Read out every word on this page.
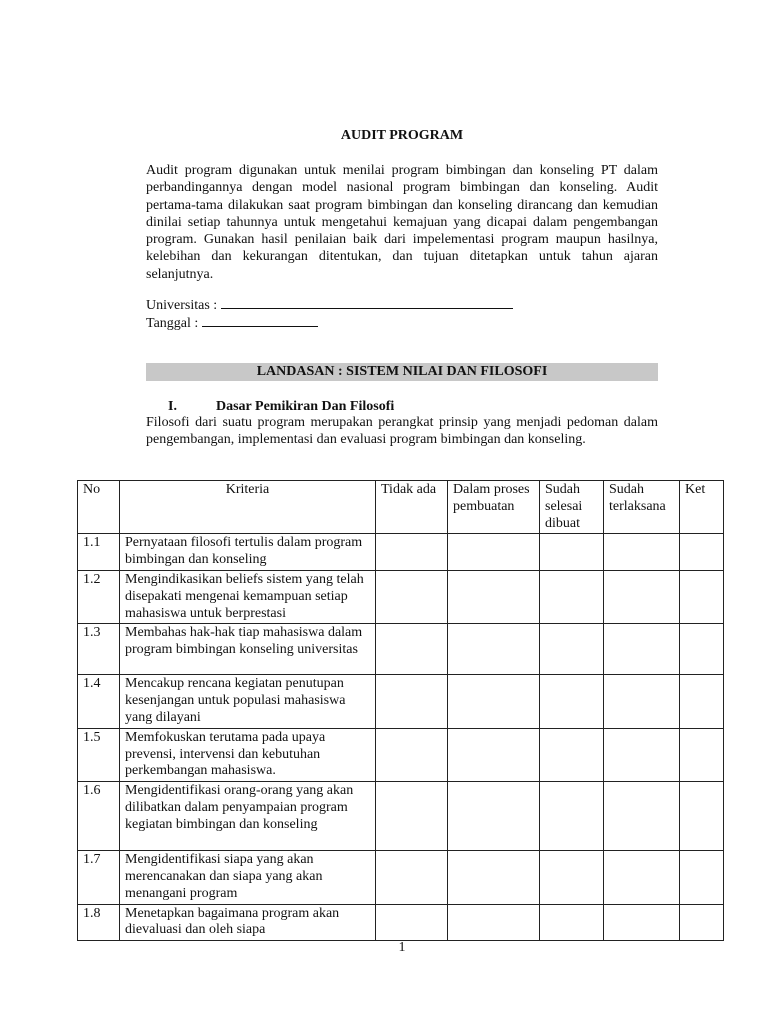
AUDIT PROGRAM

Audit program digunakan untuk menilai program bimbingan dan konseling PT dalam perbandingannya dengan model nasional program bimbingan dan konseling. Audit pertama-tama dilakukan saat program bimbingan dan konseling dirancang dan kemudian dinilai setiap tahunnya untuk mengetahui kemajuan yang dicapai dalam pengembangan program. Gunakan hasil penilaian baik dari impelementasi program maupun hasilnya, kelebihan dan kekurangan ditentukan, dan tujuan ditetapkan untuk tahun ajaran selanjutnya.

Universitas :
Tanggal :
LANDASAN : SISTEM NILAI DAN FILOSOFI
I.	Dasar Pemikiran Dan Filosofi

Filosofi dari suatu program merupakan perangkat prinsip yang menjadi pedoman dalam pengembangan, implementasi dan evaluasi program bimbingan dan konseling.

No	Kriteria	Tidak ada	Dalam proses pembuatan	Sudah selesai dibuat	Sudah terlaksana	Ket
1.1	Pernyataan filosofi tertulis dalam program bimbingan dan konseling					
1.2	Mengindikasikan beliefs sistem yang telah disepakati mengenai kemampuan setiap mahasiswa untuk berprestasi					
1.3	Membahas hak-hak tiap mahasiswa dalam program bimbingan konseling universitas					
1.4	Mencakup rencana kegiatan penutupan kesenjangan untuk populasi mahasiswa yang dilayani					
1.5	Memfokuskan terutama pada upaya prevensi, intervensi dan kebutuhan perkembangan mahasiswa.					
1.6	Mengidentifikasi orang-orang yang akan dilibatkan dalam penyampaian program kegiatan bimbingan dan konseling					
1.7	Mengidentifikasi siapa yang akan merencanakan dan siapa yang akan menangani program					
1.8	Menetapkan bagaimana program akan dievaluasi dan oleh siapa					
1
